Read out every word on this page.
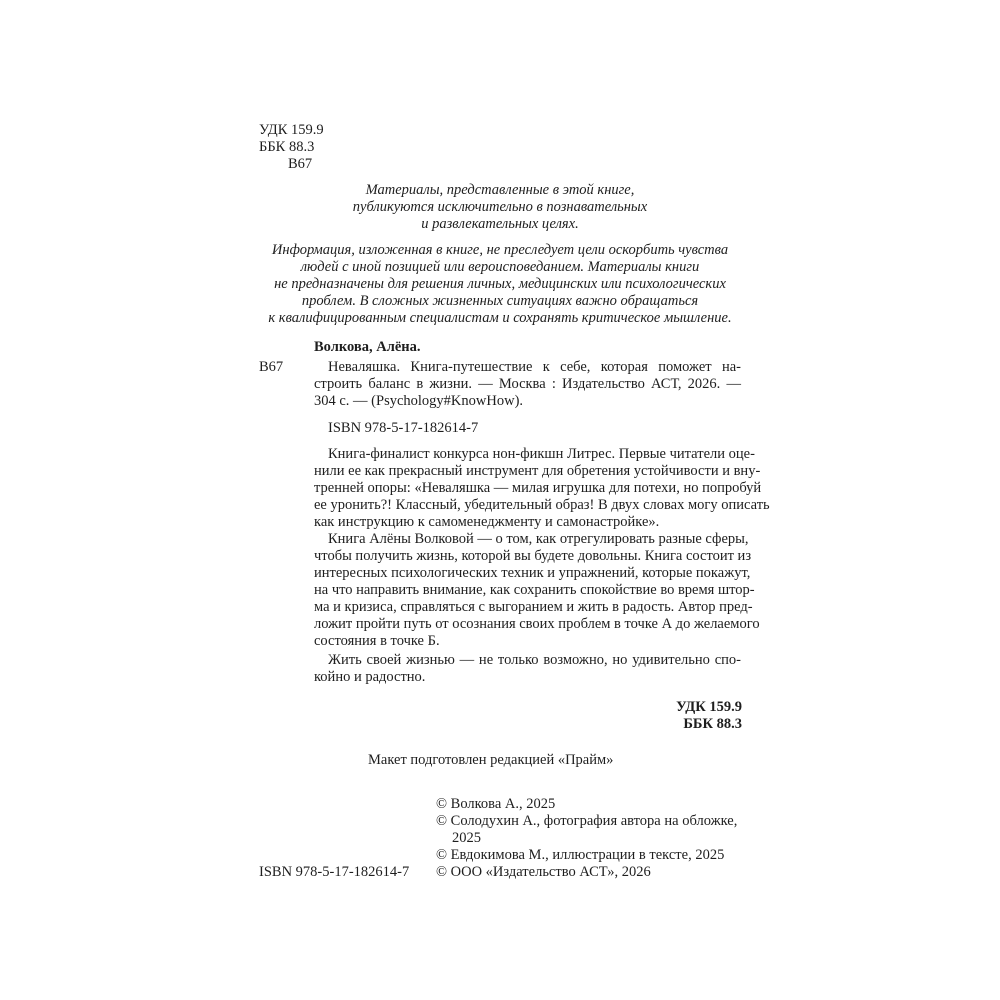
УДК 159.9
ББК 88.3
В67
Материалы, представленные в этой книге,
публикуются исключительно в познавательных
и развлекательных целях.
Информация, изложенная в книге, не преследует цели оскорбить чувства
людей с иной позицией или вероисповеданием. Материалы книги
не предназначены для решения личных, медицинских или психологических
проблем. В сложных жизненных ситуациях важно обращаться
к квалифицированным специалистам и сохранять критическое мышление.
Волкова, Алёна.
В67	Неваляшка. Книга-путешествие к себе, которая поможет на-
строить баланс в жизни. — Москва : Издательство АСТ, 2026. —
304 с. — (Psychology#KnowHow).
ISBN 978-5-17-182614-7
Книга-финалист конкурса нон-фикшн Литрес. Первые читатели оце-
нили ее как прекрасный инструмент для обретения устойчивости и вну-
тренней опоры: «Неваляшка — милая игрушка для потехи, но попробуй
ее уронить?! Классный, убедительный образ! В двух словах могу описать
как инструкцию к самоменеджменту и самонастройке».
Книга Алёны Волковой — о том, как отрегулировать разные сферы,
чтобы получить жизнь, которой вы будете довольны. Книга состоит из
интересных психологических техник и упражнений, которые покажут,
на что направить внимание, как сохранить спокойствие во время штор-
ма и кризиса, справляться с выгоранием и жить в радость. Автор пред-
ложит пройти путь от осознания своих проблем в точке А до желаемого
состояния в точке Б.
Жить своей жизнью — не только возможно, но удивительно спо-
койно и радостно.
УДК 159.9
ББК 88.3
Макет подготовлен редакцией «Прайм»
© Волкова А., 2025
© Солодухин А., фотография автора на обложке,
2025
© Евдокимова М., иллюстрации в тексте, 2025
© ООО «Издательство АСТ», 2026
ISBN 978-5-17-182614-7
